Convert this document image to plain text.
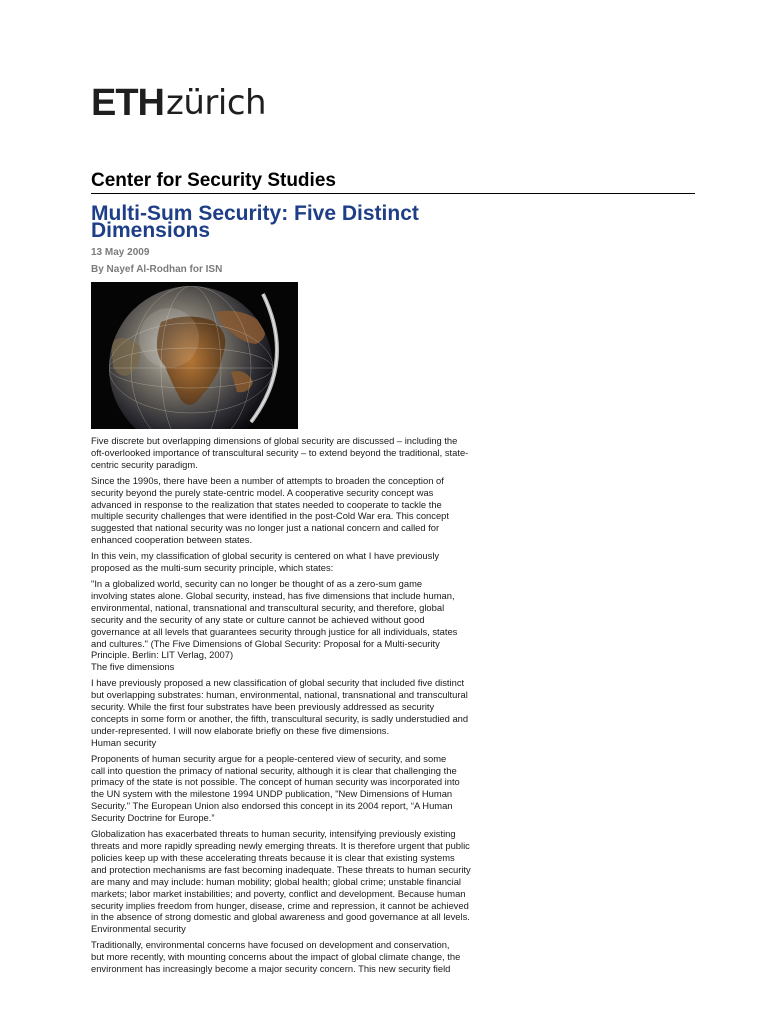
ETH zürich
Center for Security Studies
Multi-Sum Security: Five Distinct Dimensions
13 May 2009
By Nayef Al-Rodhan for ISN

Five discrete but overlapping dimensions of global security are discussed – including the
oft-overlooked importance of transcultural security – to extend beyond the traditional, state-
centric security paradigm.

Since the 1990s, there have been a number of attempts to broaden the conception of
security beyond the purely state-centric model. A cooperative security concept was
advanced in response to the realization that states needed to cooperate to tackle the
multiple security challenges that were identified in the post-Cold War era. This concept
suggested that national security was no longer just a national concern and called for
enhanced cooperation between states.

In this vein, my classification of global security is centered on what I have previously
proposed as the multi-sum security principle, which states:

"In a globalized world, security can no longer be thought of as a zero-sum game
involving states alone. Global security, instead, has five dimensions that include human,
environmental, national, transnational and transcultural security, and therefore, global
security and the security of any state or culture cannot be achieved without good
governance at all levels that guarantees security through justice for all individuals, states
and cultures." (The Five Dimensions of Global Security: Proposal for a Multi-security
Principle. Berlin: LIT Verlag, 2007)
The five dimensions

I have previously proposed a new classification of global security that included five distinct
but overlapping substrates: human, environmental, national, transnational and transcultural
security. While the first four substrates have been previously addressed as security
concepts in some form or another, the fifth, transcultural security, is sadly understudied and
under-represented. I will now elaborate briefly on these five dimensions.
Human security

Proponents of human security argue for a people-centered view of security, and some
call into question the primacy of national security, although it is clear that challenging the
primacy of the state is not possible. The concept of human security was incorporated into
the UN system with the milestone 1994 UNDP publication, "New Dimensions of Human
Security." The European Union also endorsed this concept in its 2004 report, “A Human
Security Doctrine for Europe.”

Globalization has exacerbated threats to human security, intensifying previously existing
threats and more rapidly spreading newly emerging threats. It is therefore urgent that public
policies keep up with these accelerating threats because it is clear that existing systems
and protection mechanisms are fast becoming inadequate. These threats to human security
are many and may include: human mobility; global health; global crime; unstable financial
markets; labor market instabilities; and poverty, conflict and development. Because human
security implies freedom from hunger, disease, crime and repression, it cannot be achieved
in the absence of strong domestic and global awareness and good governance at all levels.
Environmental security

Traditionally, environmental concerns have focused on development and conservation,
but more recently, with mounting concerns about the impact of global climate change, the
environment has increasingly become a major security concern. This new security field
